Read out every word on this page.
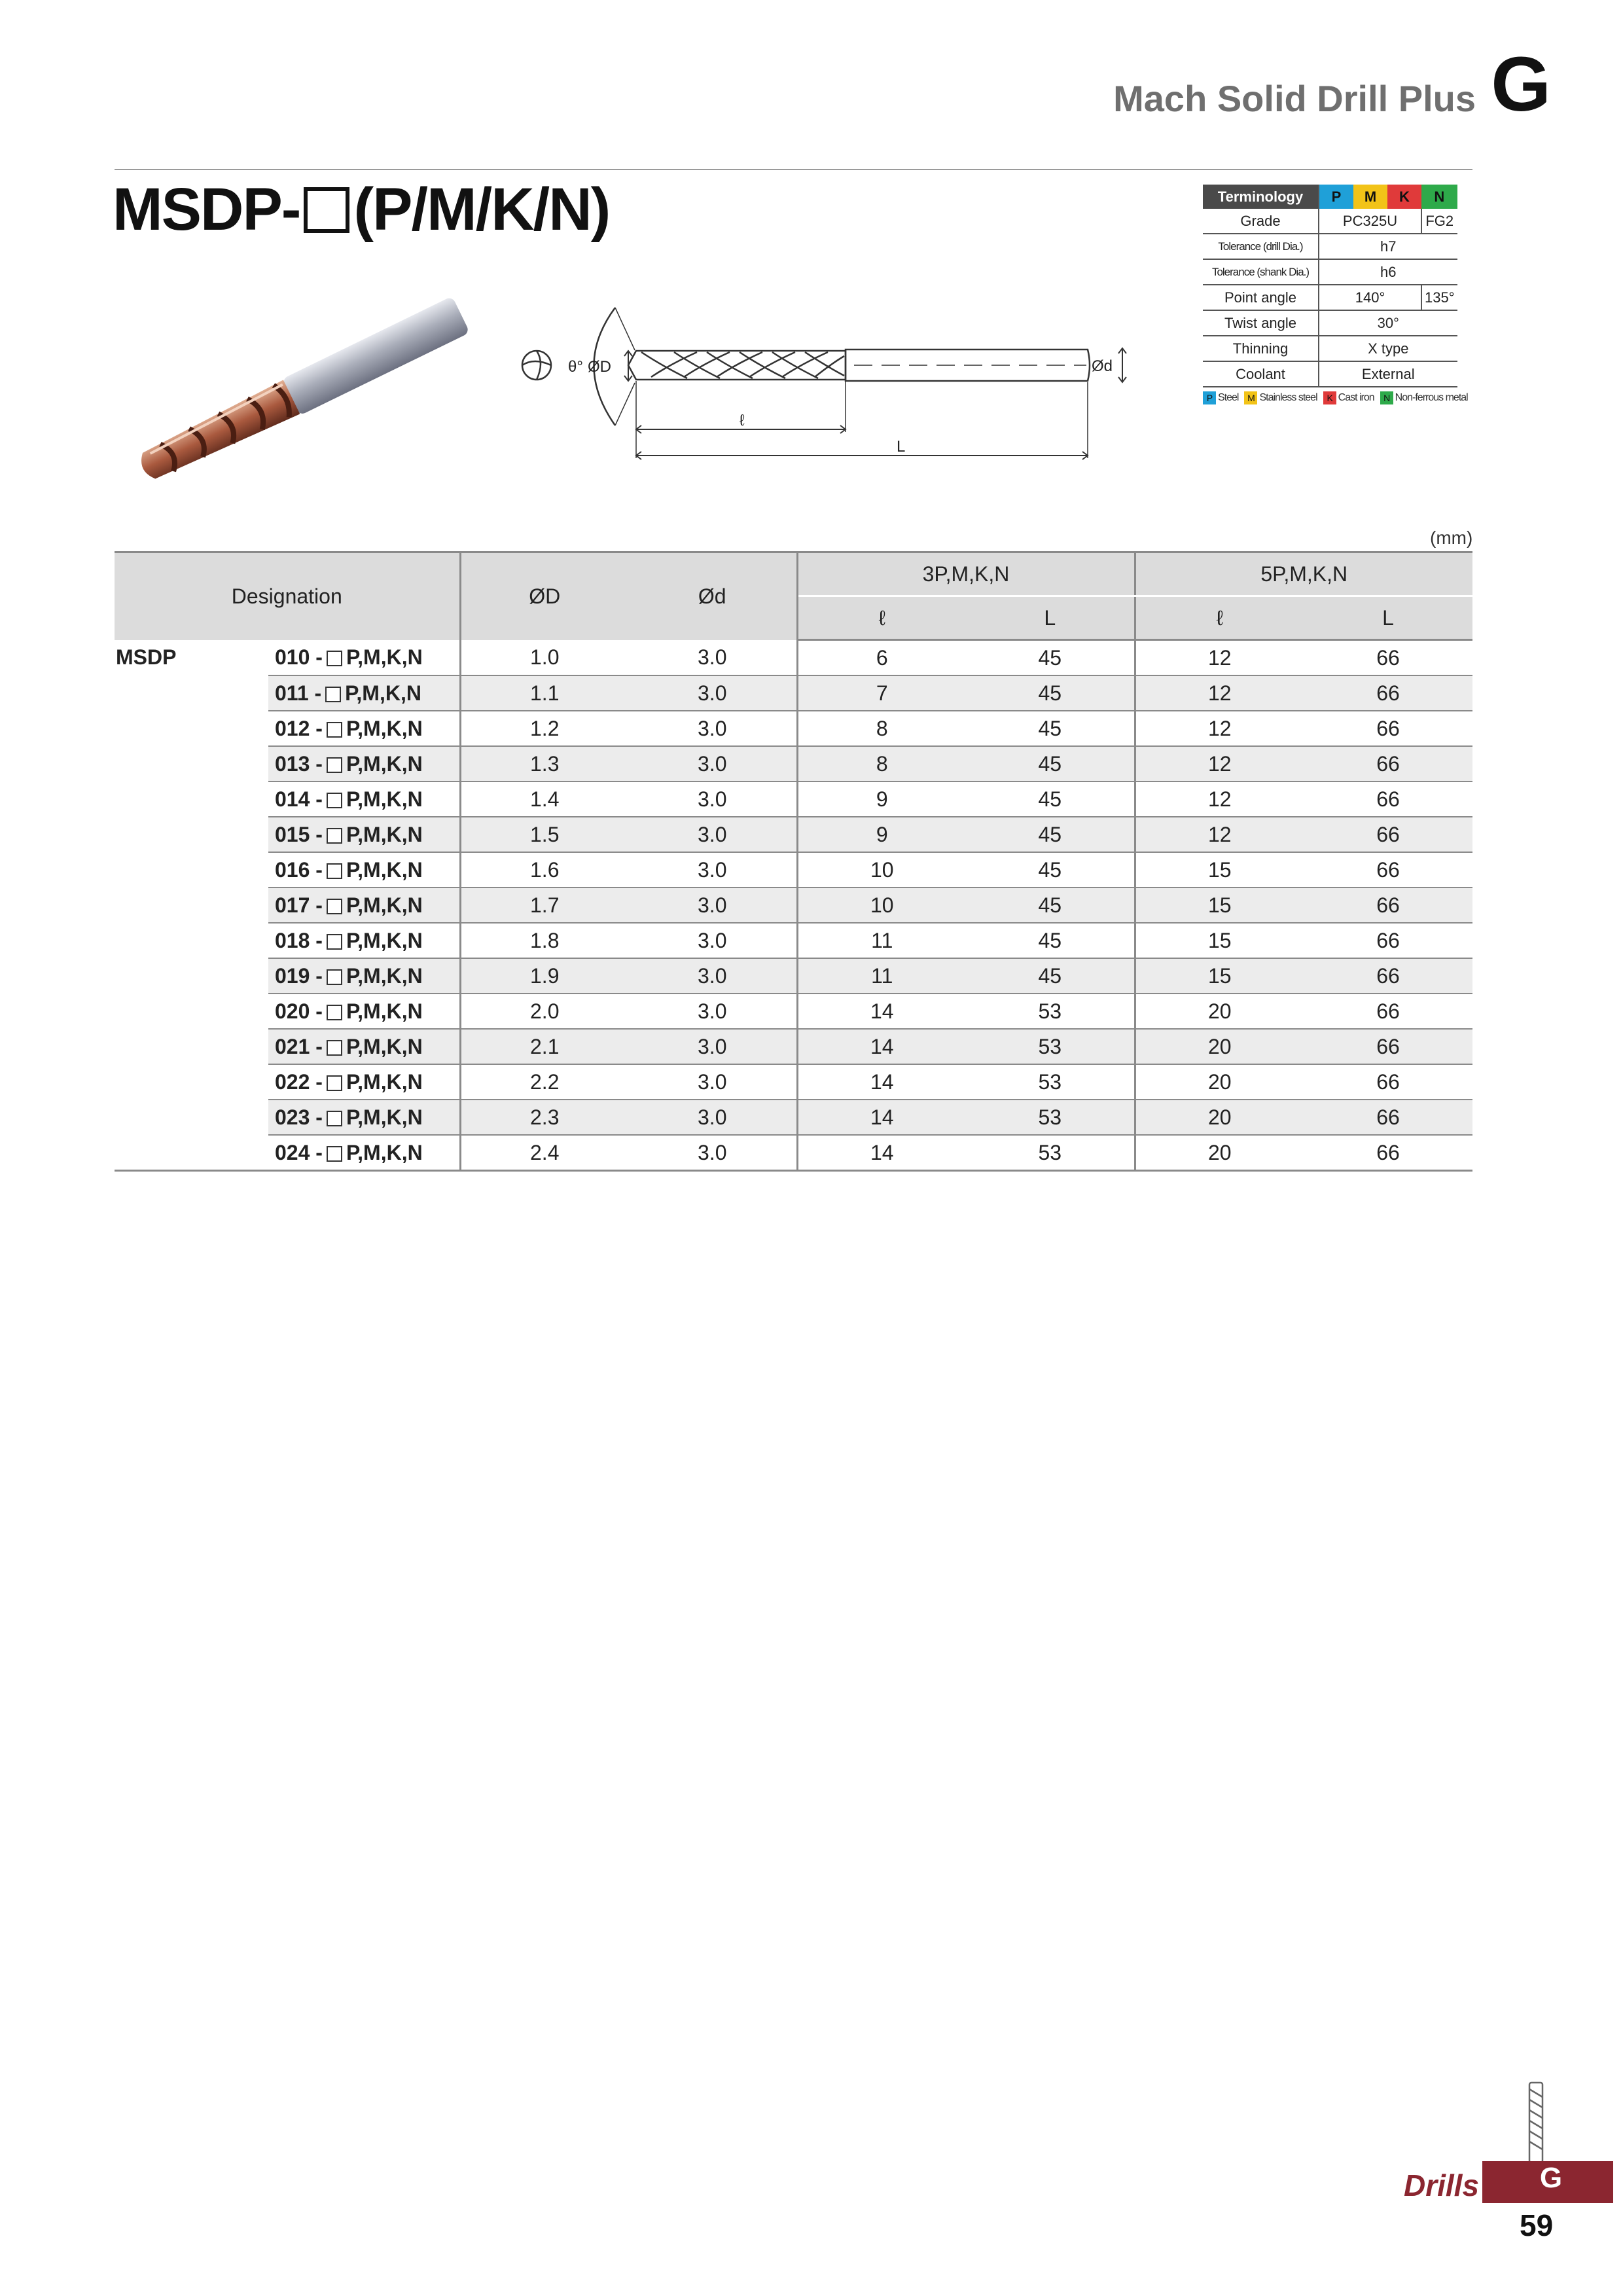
Mach Solid Drill Plus G
MSDP- (P/M/K/N)
θ° ØD	Ød
ℓ
L
Terminology	P	M	K	N
Grade	PC325U			FG2
Tolerance (drill Dia.)	h7			
Tolerance (shank Dia.)	h6			
Point angle	140°			135°
Twist angle	30°			
Thinning	X type			
Coolant	External			
P Steel M Stainless steel	K Cast iron	N Non-ferrous metal
(mm)
Designation		ØD	Ød	3P,M,K,N		5P,M,K,N	
				ℓ	L	ℓ	L
MSDP	010 - P,M,K,N	1.0	3.0	6	45	12	66
	011 - P,M,K,N	1.1	3.0	7	45	12	66
	012 - P,M,K,N	1.2	3.0	8	45	12	66
	013 - P,M,K,N	1.3	3.0	8	45	12	66
	014 - P,M,K,N	1.4	3.0	9	45	12	66
	015 - P,M,K,N	1.5	3.0	9	45	12	66
	016 - P,M,K,N	1.6	3.0	10	45	15	66
	017 - P,M,K,N	1.7	3.0	10	45	15	66
	018 - P,M,K,N	1.8	3.0	11	45	15	66
	019 - P,M,K,N	1.9	3.0	11	45	15	66
	020 - P,M,K,N	2.0	3.0	14	53	20	66
	021 - P,M,K,N	2.1	3.0	14	53	20	66
	022 - P,M,K,N	2.2	3.0	14	53	20	66
	023 - P,M,K,N	2.3	3.0	14	53	20	66
	024 - P,M,K,N	2.4	3.0	14	53	20	66
G
Drills
59
